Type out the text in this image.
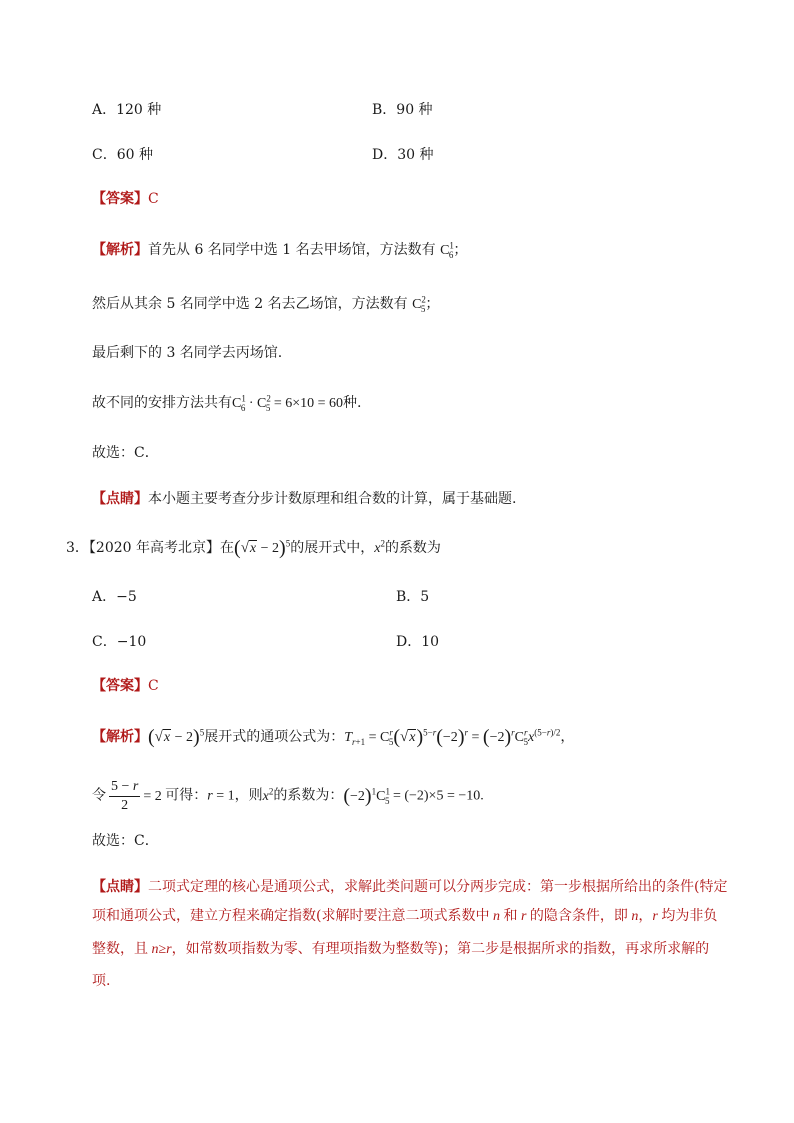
A．120 种	B．90 种
C．60 种	D．30 种
【答案】C
【解析】首先从 6 名同学中选 1 名去甲场馆，方法数有 $C^1_6$；
然后从其余 5 名同学中选 2 名去乙场馆，方法数有 $C^2_5$；
最后剩下的 3 名同学去丙场馆.
故不同的安排方法共有$C^1_6 \cdot C^2_5 = 6\times 10 = 60$种.
故选：C．
【点睛】本小题主要考查分步计数原理和组合数的计算，属于基础题.
3．【2020 年高考北京】在$(√x - 2)^5$的展开式中，$x^2$的系数为
A．−5	B．5
C．−10	D．10
【答案】C
【解析】$(√x - 2)^5$展开式的通项公式为：$T_{r+1} = C^r_5(√x)^{5-r}(-2)^r = (-2)^rC^r_5x^{(5-r)/2}$，
令 $\frac{5 - r}{2} = 2$ 可得：r = 1，则$x^2$的系数为：$(-2)^1C^1_5 = (-2)\times 5 = -10$.
故选：C．
【点睛】二项式定理的核心是通项公式，求解此类问题可以分两步完成：第一步根据所给出的条件(特定
项和通项公式，建立方程来确定指数(求解时要注意二项式系数中 n 和 r 的隐含条件，即 n，r 均为非负
整数，且 n≥r，如常数项指数为零、有理项指数为整数等)；第二步是根据所求的指数，再求所求解的
项.
